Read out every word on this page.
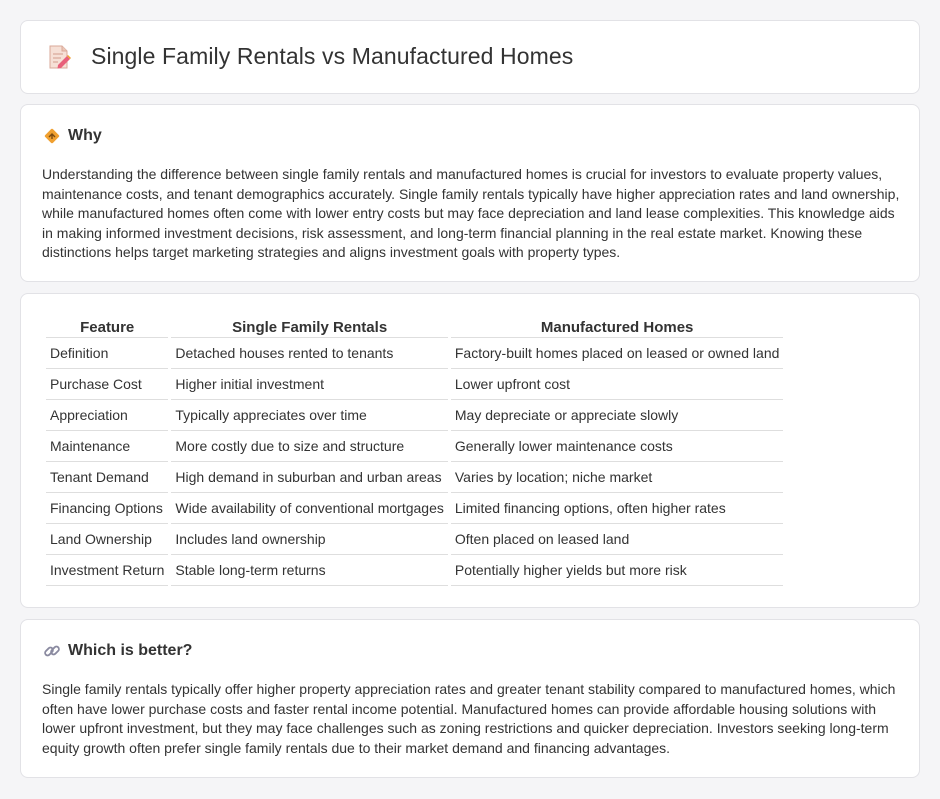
Single Family Rentals vs Manufactured Homes
Why

Understanding the difference between single family rentals and manufactured homes is crucial for investors to evaluate property values, maintenance costs, and tenant demographics accurately. Single family rentals typically have higher appreciation rates and land ownership, while manufactured homes often come with lower entry costs but may face depreciation and land lease complexities. This knowledge aids in making informed investment decisions, risk assessment, and long-term financial planning in the real estate market. Knowing these distinctions helps target marketing strategies and aligns investment goals with property types.

Feature	Single Family Rentals	Manufactured Homes
Definition	Detached houses rented to tenants	Factory-built homes placed on leased or owned land
Purchase Cost	Higher initial investment	Lower upfront cost
Appreciation	Typically appreciates over time	May depreciate or appreciate slowly
Maintenance	More costly due to size and structure	Generally lower maintenance costs
Tenant Demand	High demand in suburban and urban areas	Varies by location; niche market
Financing Options	Wide availability of conventional mortgages	Limited financing options, often higher rates
Land Ownership	Includes land ownership	Often placed on leased land
Investment Return	Stable long-term returns	Potentially higher yields but more risk
Which is better?

Single family rentals typically offer higher property appreciation rates and greater tenant stability compared to manufactured homes, which often have lower purchase costs and faster rental income potential. Manufactured homes can provide affordable housing solutions with lower upfront investment, but they may face challenges such as zoning restrictions and quicker depreciation. Investors seeking long-term equity growth often prefer single family rentals due to their market demand and financing advantages.
